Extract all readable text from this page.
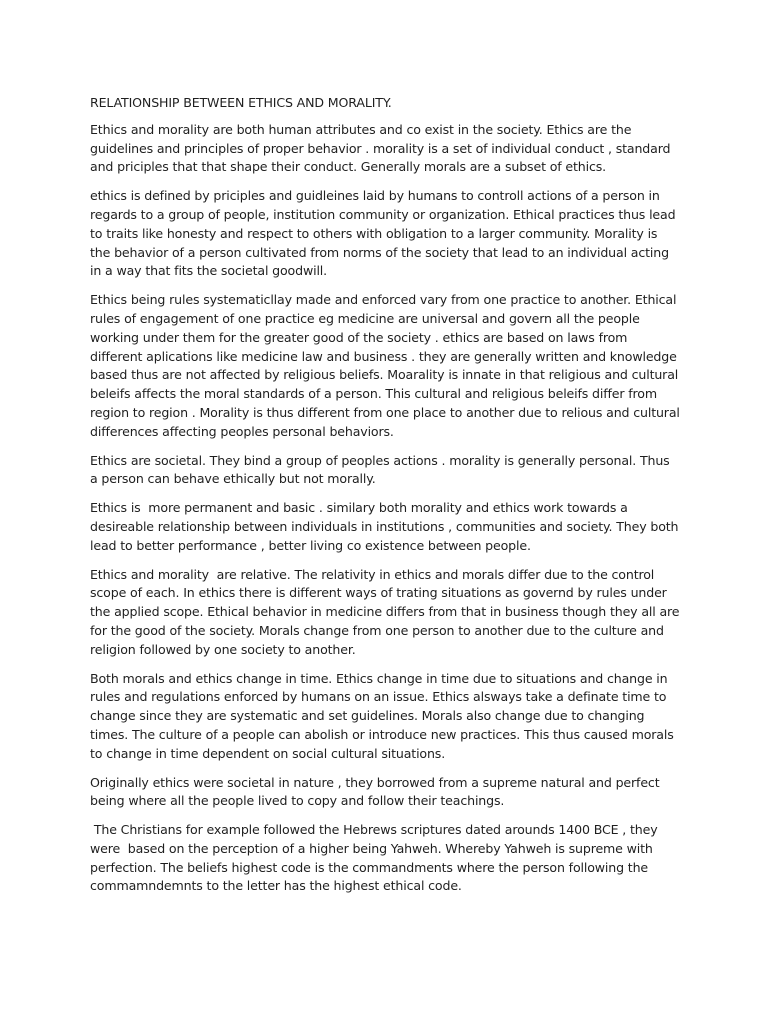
RELATIONSHIP BETWEEN ETHICS AND MORALITY.

Ethics and morality are both human attributes and co exist in the society. Ethics are the guidelines and principles of proper behavior . morality is a set of individual conduct , standard and priciples that that shape their conduct. Generally morals are a subset of ethics.

ethics is defined by priciples and guidleines laid by humans to controll actions of a person in regards to a group of people, institution community or organization. Ethical practices thus lead to traits like honesty and respect to others with obligation to a larger community. Morality is the behavior of a person cultivated from norms of the society that lead to an individual acting in a way that fits the societal goodwill.

Ethics being rules systematicllay made and enforced vary from one practice to another. Ethical rules of engagement of one practice eg medicine are universal and govern all the people working under them for the greater good of the society . ethics are based on laws from different aplications like medicine law and business . they are generally written and knowledge based thus are not affected by religious beliefs. Moarality is innate in that religious and cultural beleifs affects the moral standards of a person. This cultural and religious beleifs differ from region to region . Morality is thus different from one place to another due to relious and cultural differences affecting peoples personal behaviors.

Ethics are societal. They bind a group of peoples actions . morality is generally personal. Thus a person can behave ethically but not morally.

Ethics is  more permanent and basic . similary both morality and ethics work towards a desireable relationship between individuals in institutions , communities and society. They both lead to better performance , better living co existence between people.

Ethics and morality  are relative. The relativity in ethics and morals differ due to the control scope of each. In ethics there is different ways of trating situations as governd by rules under the applied scope. Ethical behavior in medicine differs from that in business though they all are for the good of the society. Morals change from one person to another due to the culture and religion followed by one society to another.

Both morals and ethics change in time. Ethics change in time due to situations and change in rules and regulations enforced by humans on an issue. Ethics alsways take a definate time to change since they are systematic and set guidelines. Morals also change due to changing times. The culture of a people can abolish or introduce new practices. This thus caused morals to change in time dependent on social cultural situations.

Originally ethics were societal in nature , they borrowed from a supreme natural and perfect being where all the people lived to copy and follow their teachings.

The Christians for example followed the Hebrews scriptures dated arounds 1400 BCE , they were  based on the perception of a higher being Yahweh. Whereby Yahweh is supreme with perfection. The beliefs highest code is the commandments where the person following the commamndemnts to the letter has the highest ethical code.
